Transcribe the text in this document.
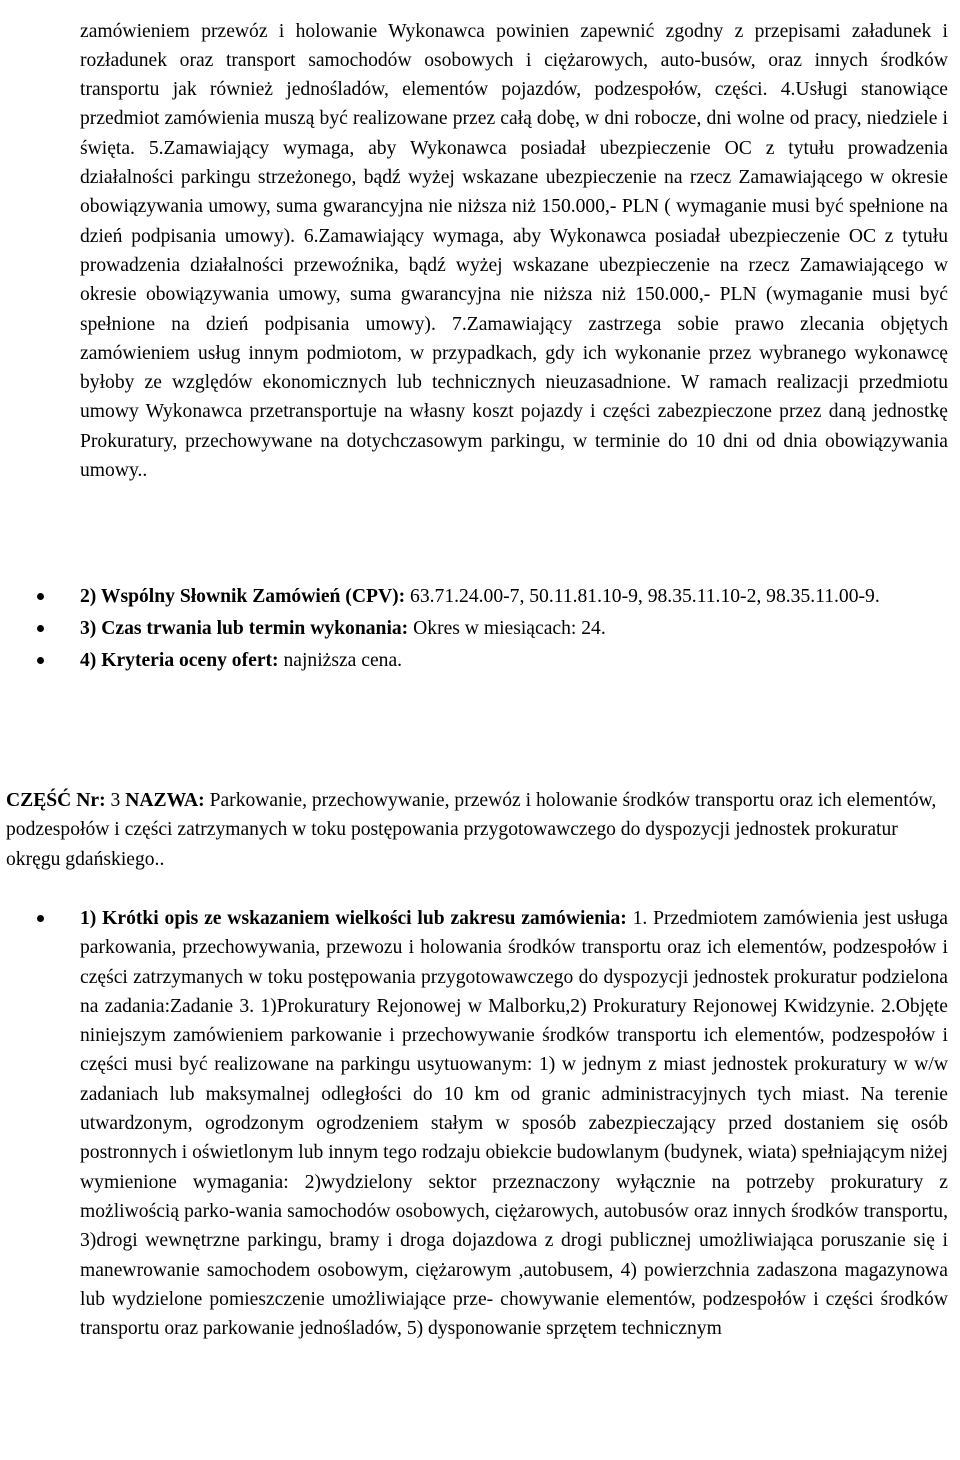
zamówieniem przewóz i holowanie Wykonawca powinien zapewnić zgodny z przepisami załadunek i rozładunek oraz transport samochodów osobowych i ciężarowych, auto-busów, oraz innych środków transportu jak również jednośladów, elementów pojazdów, podzespołów, części. 4.Usługi stanowiące przedmiot zamówienia muszą być realizowane przez całą dobę, w dni robocze, dni wolne od pracy, niedziele i święta. 5.Zamawiający wymaga, aby Wykonawca posiadał ubezpieczenie OC z tytułu prowadzenia działalności parkingu strzeżonego, bądź wyżej wskazane ubezpieczenie na rzecz Zamawiającego w okresie obowiązywania umowy, suma gwarancyjna nie niższa niż 150.000,- PLN ( wymaganie musi być spełnione na dzień podpisania umowy). 6.Zamawiający wymaga, aby Wykonawca posiadał ubezpieczenie OC z tytułu prowadzenia działalności przewoźnika, bądź wyżej wskazane ubezpieczenie na rzecz Zamawiającego w okresie obowiązywania umowy, suma gwarancyjna nie niższa niż 150.000,- PLN (wymaganie musi być spełnione na dzień podpisania umowy). 7.Zamawiający zastrzega sobie prawo zlecania objętych zamówieniem usług innym podmiotom, w przypadkach, gdy ich wykonanie przez wybranego wykonawcę byłoby ze względów ekonomicznych lub technicznych nieuzasadnione. W ramach realizacji przedmiotu umowy Wykonawca przetransportuje na własny koszt pojazdy i części zabezpieczone przez daną jednostkę Prokuratury, przechowywane na dotychczasowym parkingu, w terminie do 10 dni od dnia obowiązywania umowy..

2) Wspólny Słownik Zamówień (CPV): 63.71.24.00-7, 50.11.81.10-9, 98.35.11.10-2, 98.35.11.00-9.
3) Czas trwania lub termin wykonania: Okres w miesiącach: 24.
4) Kryteria oceny ofert: najniższa cena.
CZĘŚĆ Nr: 3 NAZWA: Parkowanie, przechowywanie, przewóz i holowanie środków transportu oraz ich elementów, podzespołów i części zatrzymanych w toku postępowania przygotowawczego do dyspozycji jednostek prokuratur okręgu gdańskiego..
1) Krótki opis ze wskazaniem wielkości lub zakresu zamówienia: 1. Przedmiotem zamówienia jest usługa parkowania, przechowywania, przewozu i holowania środków transportu oraz ich elementów, podzespołów i części zatrzymanych w toku postępowania przygotowawczego do dyspozycji jednostek prokuratur podzielona na zadania:Zadanie 3. 1)Prokuratury Rejonowej w Malborku,2) Prokuratury Rejonowej Kwidzynie. 2.Objęte niniejszym zamówieniem parkowanie i przechowywanie środków transportu ich elementów, podzespołów i części musi być realizowane na parkingu usytuowanym: 1) w jednym z miast jednostek prokuratury w w/w zadaniach lub maksymalnej odległości do 10 km od granic administracyjnych tych miast. Na terenie utwardzonym, ogrodzonym ogrodzeniem stałym w sposób zabezpieczający przed dostaniem się osób postronnych i oświetlonym lub innym tego rodzaju obiekcie budowlanym (budynek, wiata) spełniającym niżej wymienione wymagania: 2)wydzielony sektor przeznaczony wyłącznie na potrzeby prokuratury z możliwością parko-wania samochodów osobowych, ciężarowych, autobusów oraz innych środków transportu, 3)drogi wewnętrzne parkingu, bramy i droga dojazdowa z drogi publicznej umożliwiająca poruszanie się i manewrowanie samochodem osobowym, ciężarowym ,autobusem, 4) powierzchnia zadaszona magazynowa lub wydzielone pomieszczenie umożliwiające prze- chowywanie elementów, podzespołów i części środków transportu oraz parkowanie jednośladów, 5) dysponowanie sprzętem technicznym
